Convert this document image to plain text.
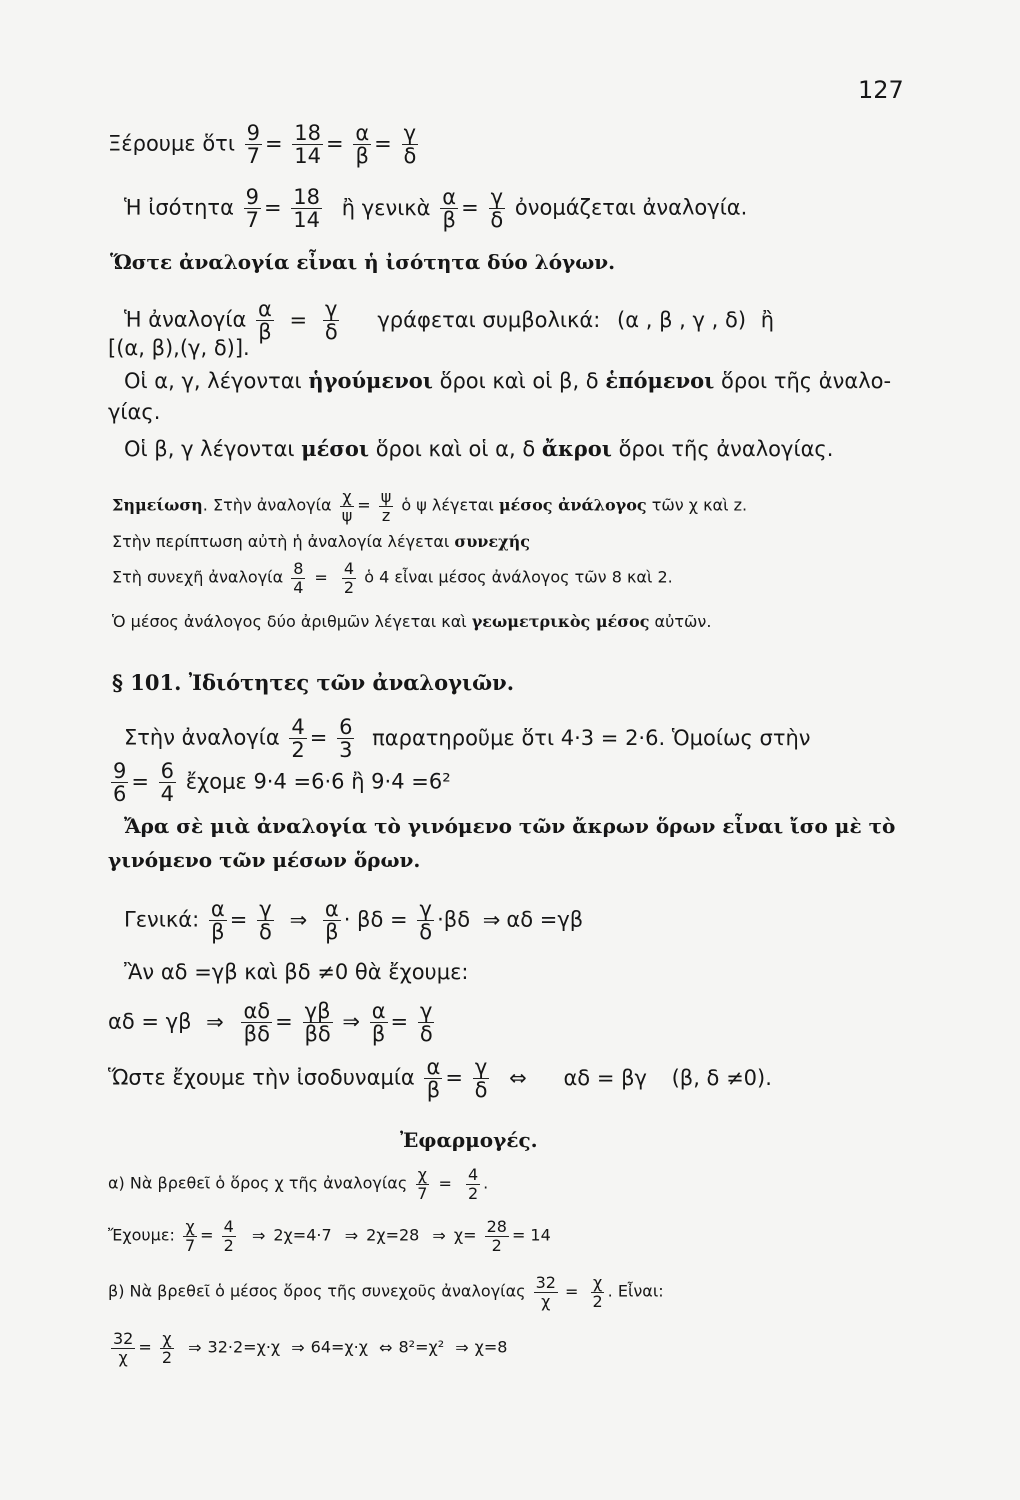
127
Ξέρουμε ὅτι $\frac{9}{7} = \frac{18}{14} = \frac{\alpha}{\beta} = \frac{\gamma}{\delta}$
Ἡ ἰσότητα $\frac{9}{7} = \frac{18}{14}$ ἢ γενικὰ $\frac{\alpha}{\beta} = \frac{\gamma}{\delta}$ ὀνομάζεται ἀναλογία.
Ὥστε ἀναλογία εἶναι ἡ ἰσότητα δύο λόγων.
Ἡ ἀναλογία $\frac{\alpha}{\beta} = \frac{\gamma}{\delta}$ γράφεται συμβολικά: (α , β , γ , δ) ἢ
[(α, β),(γ, δ)].
Οἱ α, γ, λέγονται ἡγούμενοι ὅροι καὶ οἱ β, δ ἑπόμενοι ὅροι τῆς ἀναλο-
γίας.
Οἱ β, γ λέγονται μέσοι ὅροι καὶ οἱ α, δ ἄκροι ὅροι τῆς ἀναλογίας.
Σημείωση. Στὴν ἀναλογία $\frac{\chi}{\psi} = \frac{\psi}{z}$ ὁ ψ λέγεται μέσος ἀνάλογος τῶν χ καὶ z.
Στὴν περίπτωση αὐτὴ ἡ ἀναλογία λέγεται συνεχής
Στὴ συνεχῆ ἀναλογία $\frac{8}{4} = \frac{4}{2}$ ὁ 4 εἶναι μέσος ἀνάλογος τῶν 8 καὶ 2.
Ὁ μέσος ἀνάλογος δύο ἀριθμῶν λέγεται καὶ γεωμετρικὸς μέσος αὐτῶν.
§ 101. Ἰδιότητες τῶν ἀναλογιῶν.
Στὴν ἀναλογία $\frac{4}{2} = \frac{6}{3}$ παρατηροῦμε ὅτι 4·3 = 2·6. Ὁμοίως στὴν
$\frac{9}{6} = \frac{6}{4}$ ἔχομε 9·4 =6·6 ἢ 9·4 =6²
Ἄρα σὲ μιὰ ἀναλογία τὸ γινόμενο τῶν ἄκρων ὅρων εἶναι ἴσο μὲ τὸ
γινόμενο τῶν μέσων ὅρων.
Γενικά: $\frac{\alpha}{\beta} = \frac{\gamma}{\delta}$ ⇒ $\frac{\alpha}{\beta} \cdot \beta\delta = \frac{\gamma}{\delta} \cdot\beta\delta$ ⇒ αδ =γβ
Ἂν αδ =γβ καὶ βδ ≠0 θὰ ἔχουμε:
αδ = γβ ⇒ $\frac{\alpha\delta}{\beta\delta} = \frac{\gamma\beta}{\beta\delta}$ ⇒ $\frac{\alpha}{\beta} = \frac{\gamma}{\delta}$
Ὥστε ἔχουμε τὴν ἰσοδυναμία $\frac{\alpha}{\beta} = \frac{\gamma}{\delta}$ ⇔ αδ = βγ (β, δ ≠0).
Ἐφαρμογές.
α) Νὰ βρεθεῖ ὁ ὅρος χ τῆς ἀναλογίας $\frac{\chi}{7} = \frac{4}{2}$ .
Ἔχουμε: $\frac{\chi}{7} = \frac{4}{2}$ ⇒ 2χ=4·7 ⇒ 2χ=28 ⇒ $\chi= \frac{28}{2} = 14$
β) Νὰ βρεθεῖ ὁ μέσος ὅρος τῆς συνεχοῦς ἀναλογίας $\frac{32}{\chi} = \frac{\chi}{2}$ . Εἶναι:
$\frac{32}{\chi} = \frac{\chi}{2}$ ⇒ 32·2=χ·χ ⇒ 64=χ·χ ⇔ 8²=χ² ⇒ χ=8
